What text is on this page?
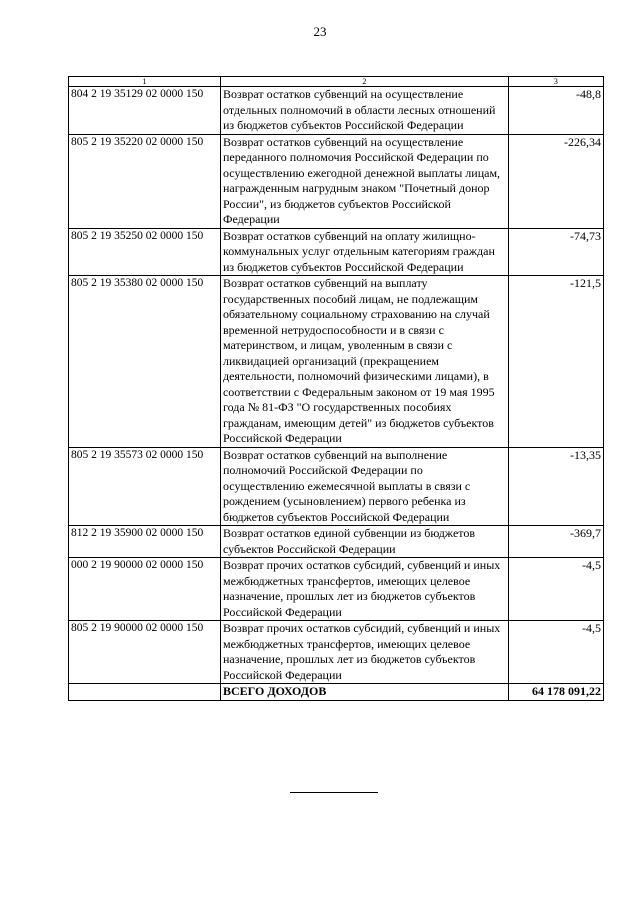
23
1	2	3
804 2 19 35129 02 0000 150	Возврат остатков субвенций на осуществление отдельных полномочий в области лесных отношений из бюджетов субъектов Российской Федерации	-48,8
805 2 19 35220 02 0000 150	Возврат остатков субвенций на осуществление переданного полномочия Российской Федерации по осуществлению ежегодной денежной выплаты лицам, награжденным нагрудным знаком "Почетный донор России", из бюджетов субъектов Российской Федерации	-226,34
805 2 19 35250 02 0000 150	Возврат остатков субвенций на оплату жилищно-коммунальных услуг отдельным категориям граждан из бюджетов субъектов Российской Федерации	-74,73
805 2 19 35380 02 0000 150	Возврат остатков субвенций на выплату государственных пособий лицам, не подлежащим обязательному социальному страхованию на случай временной нетрудоспособности и в связи с материнством, и лицам, уволенным в связи с ликвидацией организаций (прекращением деятельности, полномочий физическими лицами), в соответствии с Федеральным законом от 19 мая 1995 года № 81-ФЗ "О государственных пособиях гражданам, имеющим детей" из бюджетов субъектов Российской Федерации	-121,5
805 2 19 35573 02 0000 150	Возврат остатков субвенций на выполнение полномочий Российской Федерации по осуществлению ежемесячной выплаты в связи с рождением (усыновлением) первого ребенка из бюджетов субъектов Российской Федерации	-13,35
812 2 19 35900 02 0000 150	Возврат остатков единой субвенции из бюджетов субъектов Российской Федерации	-369,7
000 2 19 90000 02 0000 150	Возврат прочих остатков субсидий, субвенций и иных межбюджетных трансфертов, имеющих целевое назначение, прошлых лет из бюджетов субъектов Российской Федерации	-4,5
805 2 19 90000 02 0000 150	Возврат прочих остатков субсидий, субвенций и иных межбюджетных трансфертов, имеющих целевое назначение, прошлых лет из бюджетов субъектов Российской Федерации	-4,5
	ВСЕГО ДОХОДОВ	64 178 091,22
